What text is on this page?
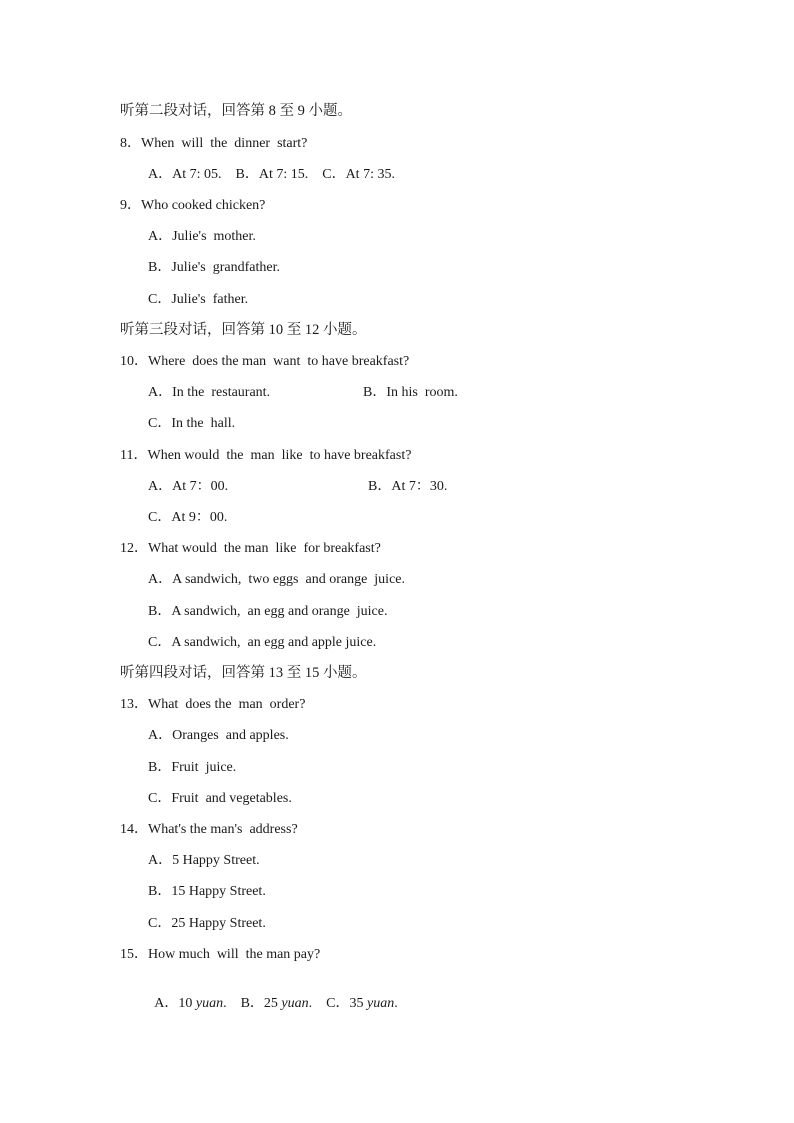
听第二段对话，回答第 8 至 9 小题。
8．When  will  the  dinner  start?
A．At 7: 05.    B．At 7: 15.    C．At 7: 35.
9．Who cooked chicken?
A．Julie's  mother.
B．Julie's  grandfather.
C．Julie's  father.
听第三段对话，回答第 10 至 12 小题。
10．Where  does the man  want  to have breakfast?
A．In the  restaurant.	B．In his  room.
C．In the  hall.
11．When would  the  man  like  to have breakfast?
A．At 7：00.	B．At 7：30.
C．At 9：00.
12．What would  the man  like  for breakfast?
A．A sandwich,  two eggs  and orange  juice.
B．A sandwich,  an egg and orange  juice.
C．A sandwich,  an egg and apple juice.
听第四段对话，回答第 13 至 15 小题。
13．What  does the  man  order?
A．Oranges  and apples.
B．Fruit  juice.
C．Fruit  and vegetables.
14．What's the man's  address?
A．5 Happy Street.
B．15 Happy Street.
C．25 Happy Street.
15．How much  will  the man pay?

A．10 yuan.    B．25 yuan.    C．35 yuan.
